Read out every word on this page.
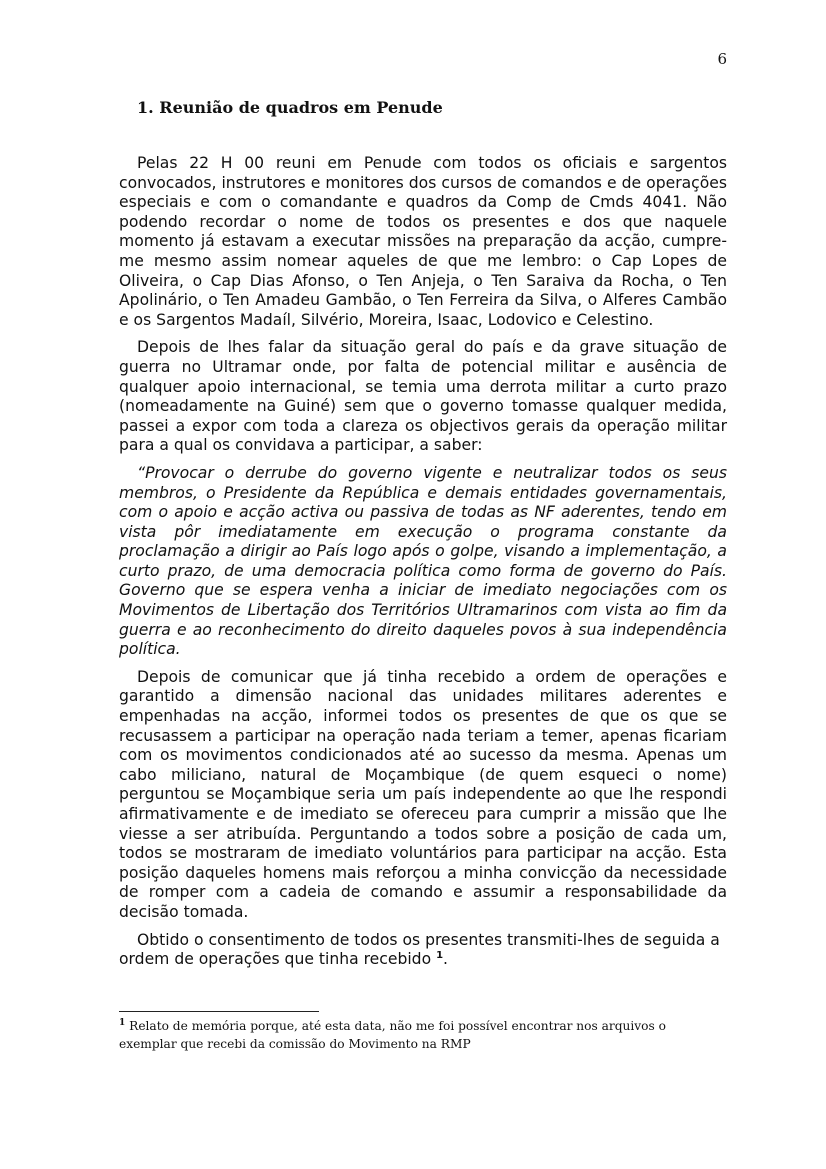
6
1. Reunião de quadros em Penude

Pelas 22 H 00 reuni em Penude com todos os oficiais e sargentos convocados, instrutores e monitores dos cursos de comandos e de operações especiais e com o comandante e quadros da Comp de Cmds 4041. Não podendo recordar o nome de todos os presentes e dos que naquele momento já estavam a executar missões na preparação da acção, cumpre-me mesmo assim nomear aqueles de que me lembro: o Cap Lopes de Oliveira, o Cap Dias Afonso, o Ten Anjeja, o Ten Saraiva da Rocha, o Ten Apolinário, o Ten Amadeu Gambão, o Ten Ferreira da Silva, o Alferes Cambão e os Sargentos Madaíl, Silvério, Moreira, Isaac, Lodovico e Celestino.

Depois de lhes falar da situação geral do país e da grave situação de guerra no Ultramar onde, por falta de potencial militar e ausência de qualquer apoio internacional, se temia uma derrota militar a curto prazo (nomeadamente na Guiné) sem que o governo tomasse qualquer medida, passei a expor com toda a clareza os objectivos gerais da operação militar para a qual os convidava a participar, a saber:

“Provocar o derrube do governo vigente e neutralizar todos os seus membros, o Presidente da República e demais entidades governamentais, com o apoio e acção activa ou passiva de todas as NF aderentes, tendo em vista pôr imediatamente em execução o programa constante da proclamação a dirigir ao País logo após o golpe, visando a implementação, a curto prazo, de uma democracia política como forma de governo do País. Governo que se espera venha a iniciar de imediato negociações com os Movimentos de Libertação dos Territórios Ultramarinos com vista ao fim da guerra e ao reconhecimento do direito daqueles povos à sua independência política.

Depois de comunicar que já tinha recebido a ordem de operações e garantido a dimensão nacional das unidades militares aderentes e empenhadas na acção, informei todos os presentes de que os que se recusassem a participar na operação nada teriam a temer, apenas ficariam com os movimentos condicionados até ao sucesso da mesma. Apenas um cabo miliciano, natural de Moçambique (de quem esqueci o nome) perguntou se Moçambique seria um país independente ao que lhe respondi afirmativamente e de imediato se ofereceu para cumprir a missão que lhe viesse a ser atribuída. Perguntando a todos sobre a posição de cada um, todos se mostraram de imediato voluntários para participar na acção. Esta posição daqueles homens mais reforçou a minha convicção da necessidade de romper com a cadeia de comando e assumir a responsabilidade da decisão tomada.

Obtido o consentimento de todos os presentes transmiti-lhes de seguida a ordem de operações que tinha recebido $^1$.

$^1$ Relato de memória porque, até esta data, não me foi possível encontrar nos arquivos o exemplar que recebi da comissão do Movimento na RMP
